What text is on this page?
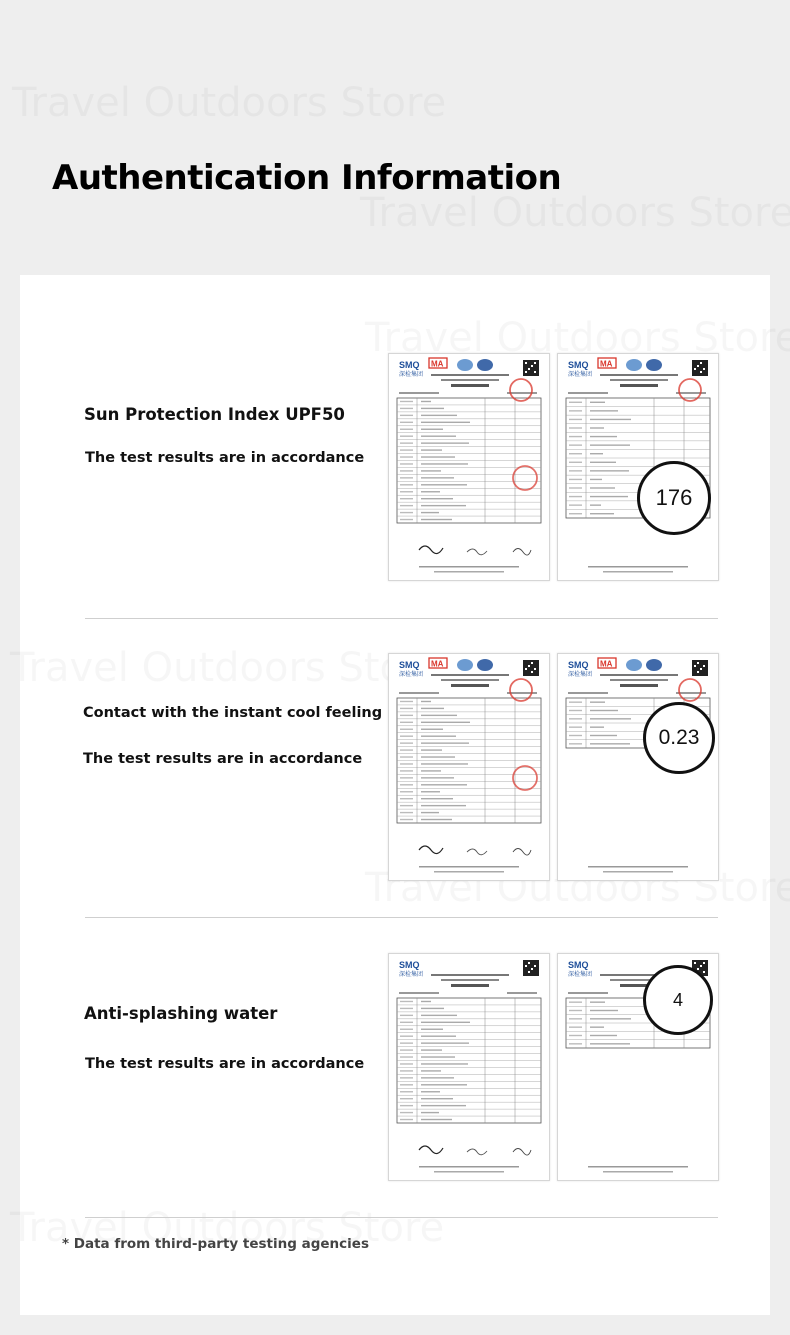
Authentication Information
Sun Protection Index UPF50
The test results are in accordance
SMQ
深检集团
MA	SMQ
深检集团
MA
176
Contact with the instant cool feeling
The test results are in accordance
SMQ
深检集团
MA	SMQ
深检集团
MA
0.23
Anti-splashing water
The test results are in accordance
SMQ
深检集团
SMQ
深检集团
4
* Data from third-party testing agencies
